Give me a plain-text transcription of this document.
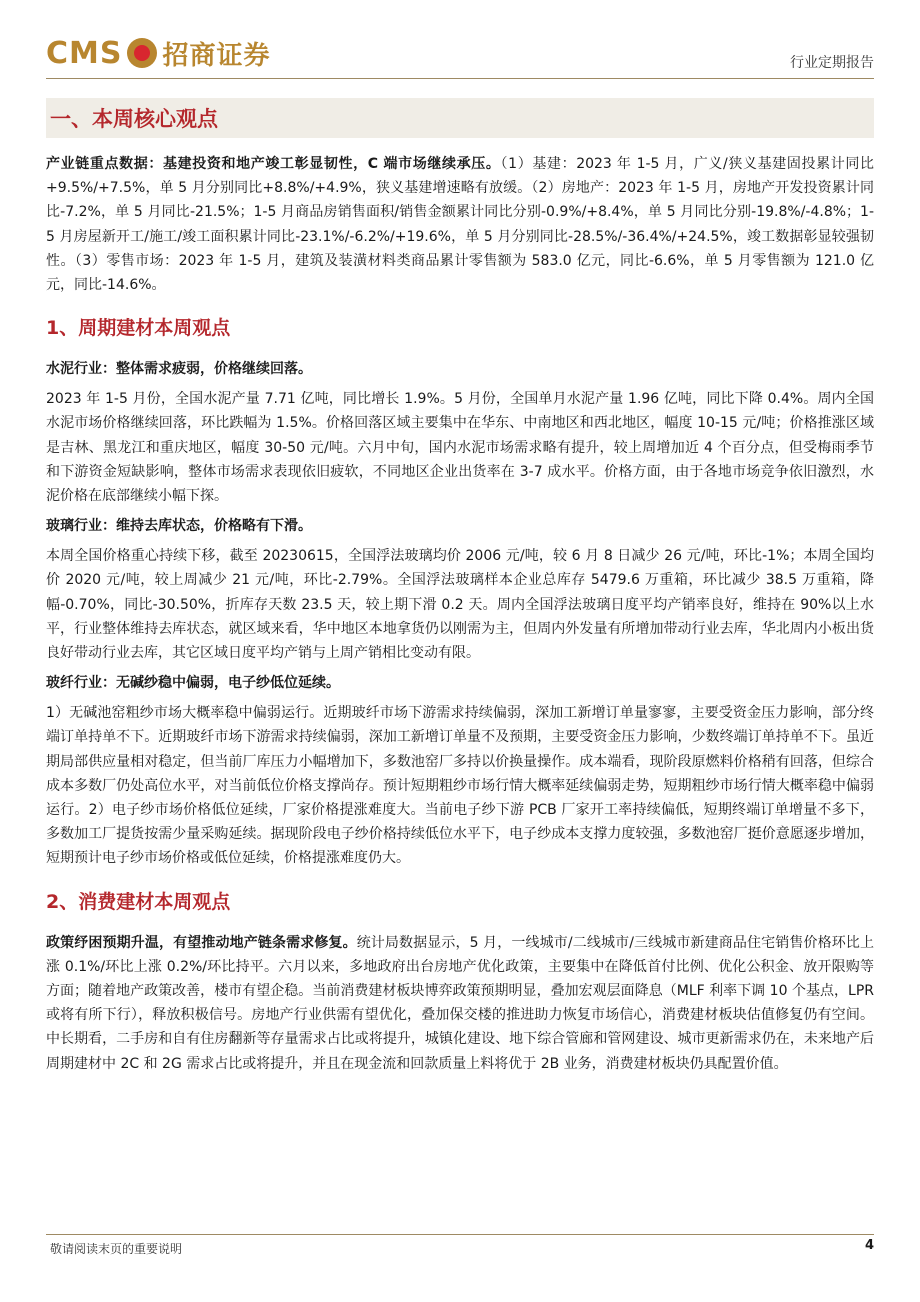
CMS 招商证券	行业定期报告
一、本周核心观点

产业链重点数据：基建投资和地产竣工彰显韧性，C 端市场继续承压。（1）基建：2023 年 1-5 月，广义/狭义基建固投累计同比+9.5%/+7.5%，单 5 月分别同比+8.8%/+4.9%，狭义基建增速略有放缓。（2）房地产：2023 年 1-5 月，房地产开发投资累计同比-7.2%，单 5 月同比-21.5%；1-5 月商品房销售面积/销售金额累计同比分别-0.9%/+8.4%，单 5 月同比分别-19.8%/-4.8%；1-5 月房屋新开工/施工/竣工面积累计同比-23.1%/-6.2%/+19.6%，单 5 月分别同比-28.5%/-36.4%/+24.5%，竣工数据彰显较强韧性。（3）零售市场：2023 年 1-5 月，建筑及装潢材料类商品累计零售额为 583.0 亿元，同比-6.6%，单 5 月零售额为 121.0 亿元，同比-14.6%。

1、周期建材本周观点
水泥行业：整体需求疲弱，价格继续回落。

2023 年 1-5 月份，全国水泥产量 7.71 亿吨，同比增长 1.9%。5 月份，全国单月水泥产量 1.96 亿吨，同比下降 0.4%。周内全国水泥市场价格继续回落，环比跌幅为 1.5%。价格回落区域主要集中在华东、中南地区和西北地区，幅度 10-15 元/吨；价格推涨区域是吉林、黑龙江和重庆地区，幅度 30-50 元/吨。六月中旬，国内水泥市场需求略有提升，较上周增加近 4 个百分点，但受梅雨季节和下游资金短缺影响，整体市场需求表现依旧疲软，不同地区企业出货率在 3-7 成水平。价格方面，由于各地市场竞争依旧激烈，水泥价格在底部继续小幅下探。

玻璃行业：维持去库状态，价格略有下滑。

本周全国价格重心持续下移，截至 20230615，全国浮法玻璃均价 2006 元/吨，较 6 月 8 日减少 26 元/吨，环比-1%；本周全国均价 2020 元/吨，较上周减少 21 元/吨，环比-2.79%。全国浮法玻璃样本企业总库存 5479.6 万重箱，环比减少 38.5 万重箱，降幅-0.70%，同比-30.50%，折库存天数 23.5 天，较上期下滑 0.2 天。周内全国浮法玻璃日度平均产销率良好，维持在 90%以上水平，行业整体维持去库状态，就区域来看，华中地区本地拿货仍以刚需为主，但周内外发量有所增加带动行业去库，华北周内小板出货良好带动行业去库，其它区域日度平均产销与上周产销相比变动有限。

玻纤行业：无碱纱稳中偏弱，电子纱低位延续。

1）无碱池窑粗纱市场大概率稳中偏弱运行。近期玻纤市场下游需求持续偏弱，深加工新增订单量寥寥，主要受资金压力影响，部分终端订单持单不下。近期玻纤市场下游需求持续偏弱，深加工新增订单量不及预期，主要受资金压力影响，少数终端订单持单不下。虽近期局部供应量相对稳定，但当前厂库压力小幅增加下，多数池窑厂多持以价换量操作。成本端看，现阶段原燃料价格稍有回落，但综合成本多数厂仍处高位水平，对当前低位价格支撑尚存。预计短期粗纱市场行情大概率延续偏弱走势，短期粗纱市场行情大概率稳中偏弱运行。2）电子纱市场价格低位延续，厂家价格提涨难度大。当前电子纱下游 PCB 厂家开工率持续偏低，短期终端订单增量不多下，多数加工厂提货按需少量采购延续。据现阶段电子纱价格持续低位水平下，电子纱成本支撑力度较强，多数池窑厂挺价意愿逐步增加，短期预计电子纱市场价格或低位延续，价格提涨难度仍大。

2、消费建材本周观点

政策纾困预期升温，有望推动地产链条需求修复。统计局数据显示，5 月，一线城市/二线城市/三线城市新建商品住宅销售价格环比上涨 0.1%/环比上涨 0.2%/环比持平。六月以来，多地政府出台房地产优化政策，主要集中在降低首付比例、优化公积金、放开限购等方面；随着地产政策改善，楼市有望企稳。当前消费建材板块博弈政策预期明显，叠加宏观层面降息（MLF 利率下调 10 个基点，LPR 或将有所下行），释放积极信号。房地产行业供需有望优化，叠加保交楼的推进助力恢复市场信心，消费建材板块估值修复仍有空间。中长期看，二手房和自有住房翻新等存量需求占比或将提升，城镇化建设、地下综合管廊和管网建设、城市更新需求仍在，未来地产后周期建材中 2C 和 2G 需求占比或将提升，并且在现金流和回款质量上料将优于 2B 业务，消费建材板块仍具配置价值。

敬请阅读末页的重要说明	4
